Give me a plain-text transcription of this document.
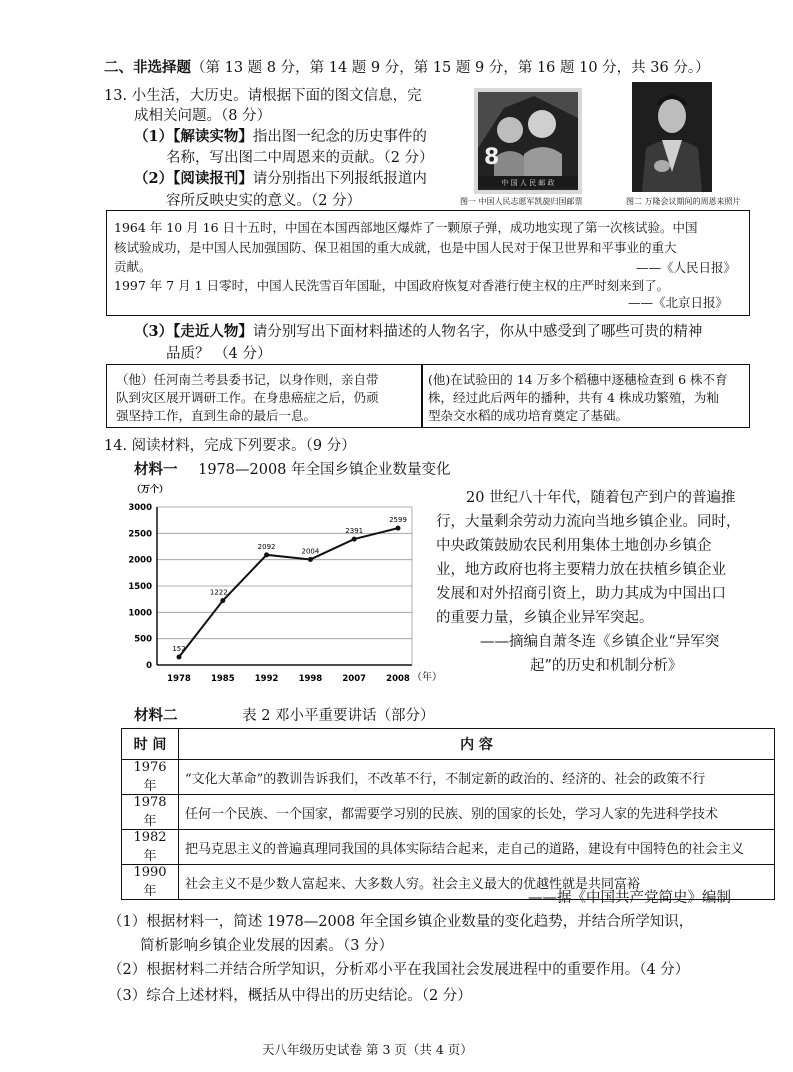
二、非选择题（第 13 题 8 分，第 14 题 9 分，第 15 题 9 分，第 16 题 10 分，共 36 分。）
13. 小生活，大历史。请根据下面的图文信息，完
成相关问题。（8 分）
（1）【解读实物】指出图一纪念的历史事件的
名称，写出图二中周恩来的贡献。（2 分）
（2）【阅读报刊】请分别指出下列报纸报道内
容所反映史实的意义。（2 分）
8
中 国 人 民 邮 政
图一 中国人民志愿军凯旋归国邮票	图二 万隆会议期间的周恩来照片
1964 年 10 月 16 日十五时，中国在本国西部地区爆炸了一颗原子弹，成功地实现了第一次核试验。中国
核试验成功，是中国人民加强国防、保卫祖国的重大成就，也是中国人民对于保卫世界和平事业的重大
贡献。	——《人民日报》
1997 年 7 月 1 日零时，中国人民洗雪百年国耻，中国政府恢复对香港行使主权的庄严时刻来到了。
——《北京日报》
（3）【走近人物】请分别写出下面材料描述的人物名字，你从中感受到了哪些可贵的精神
品质？ （4 分）
（他）任河南兰考县委书记，以身作则，亲自带
队到灾区展开调研工作。在身患癌症之后，仍顽
强坚持工作，直到生命的最后一息。
(他)在试验田的 14 万多个稻穗中逐穗检查到 6 株不育
株，经过此后两年的播种，共有 4 株成功繁殖，为籼
型杂交水稻的成功培育奠定了基础。
14. 阅读材料，完成下列要求。（9 分）
材料一 1978—2008 年全国乡镇企业数量变化
（万个）
0
500
1000
1500
2000
2500
3000
1978 1985 1992 1998 2007 2008
152
1222
2092
2004
2391
2599
（年）
20 世纪八十年代，随着包产到户的普遍推
行，大量剩余劳动力流向当地乡镇企业。同时，
中央政策鼓励农民利用集体土地创办乡镇企
业，地方政府也将主要精力放在扶植乡镇企业
发展和对外招商引资上，助力其成为中国出口
的重要力量，乡镇企业异军突起。
——摘编自萧冬连《乡镇企业“异军突
起”的历史和机制分析》
材料二	表 2 邓小平重要讲话（部分）
时 间	内 容
1976 年	“文化大革命”的教训告诉我们，不改革不行，不制定新的政治的、经济的、社会的政策不行
1978 年	任何一个民族、一个国家，都需要学习别的民族、别的国家的长处，学习人家的先进科学技术
1982 年	把马克思主义的普遍真理同我国的具体实际结合起来，走自己的道路，建设有中国特色的社会主义
1990 年	社会主义不是少数人富起来、大多数人穷。社会主义最大的优越性就是共同富裕
——据《中国共产党简史》编制
（1）根据材料一，简述 1978—2008 年全国乡镇企业数量的变化趋势，并结合所学知识，
简析影响乡镇企业发展的因素。（3 分）
（2）根据材料二并结合所学知识，分析邓小平在我国社会发展进程中的重要作用。（4 分）
（3）综合上述材料，概括从中得出的历史结论。（2 分）
天八年级历史试卷 第 3 页（共 4 页）
